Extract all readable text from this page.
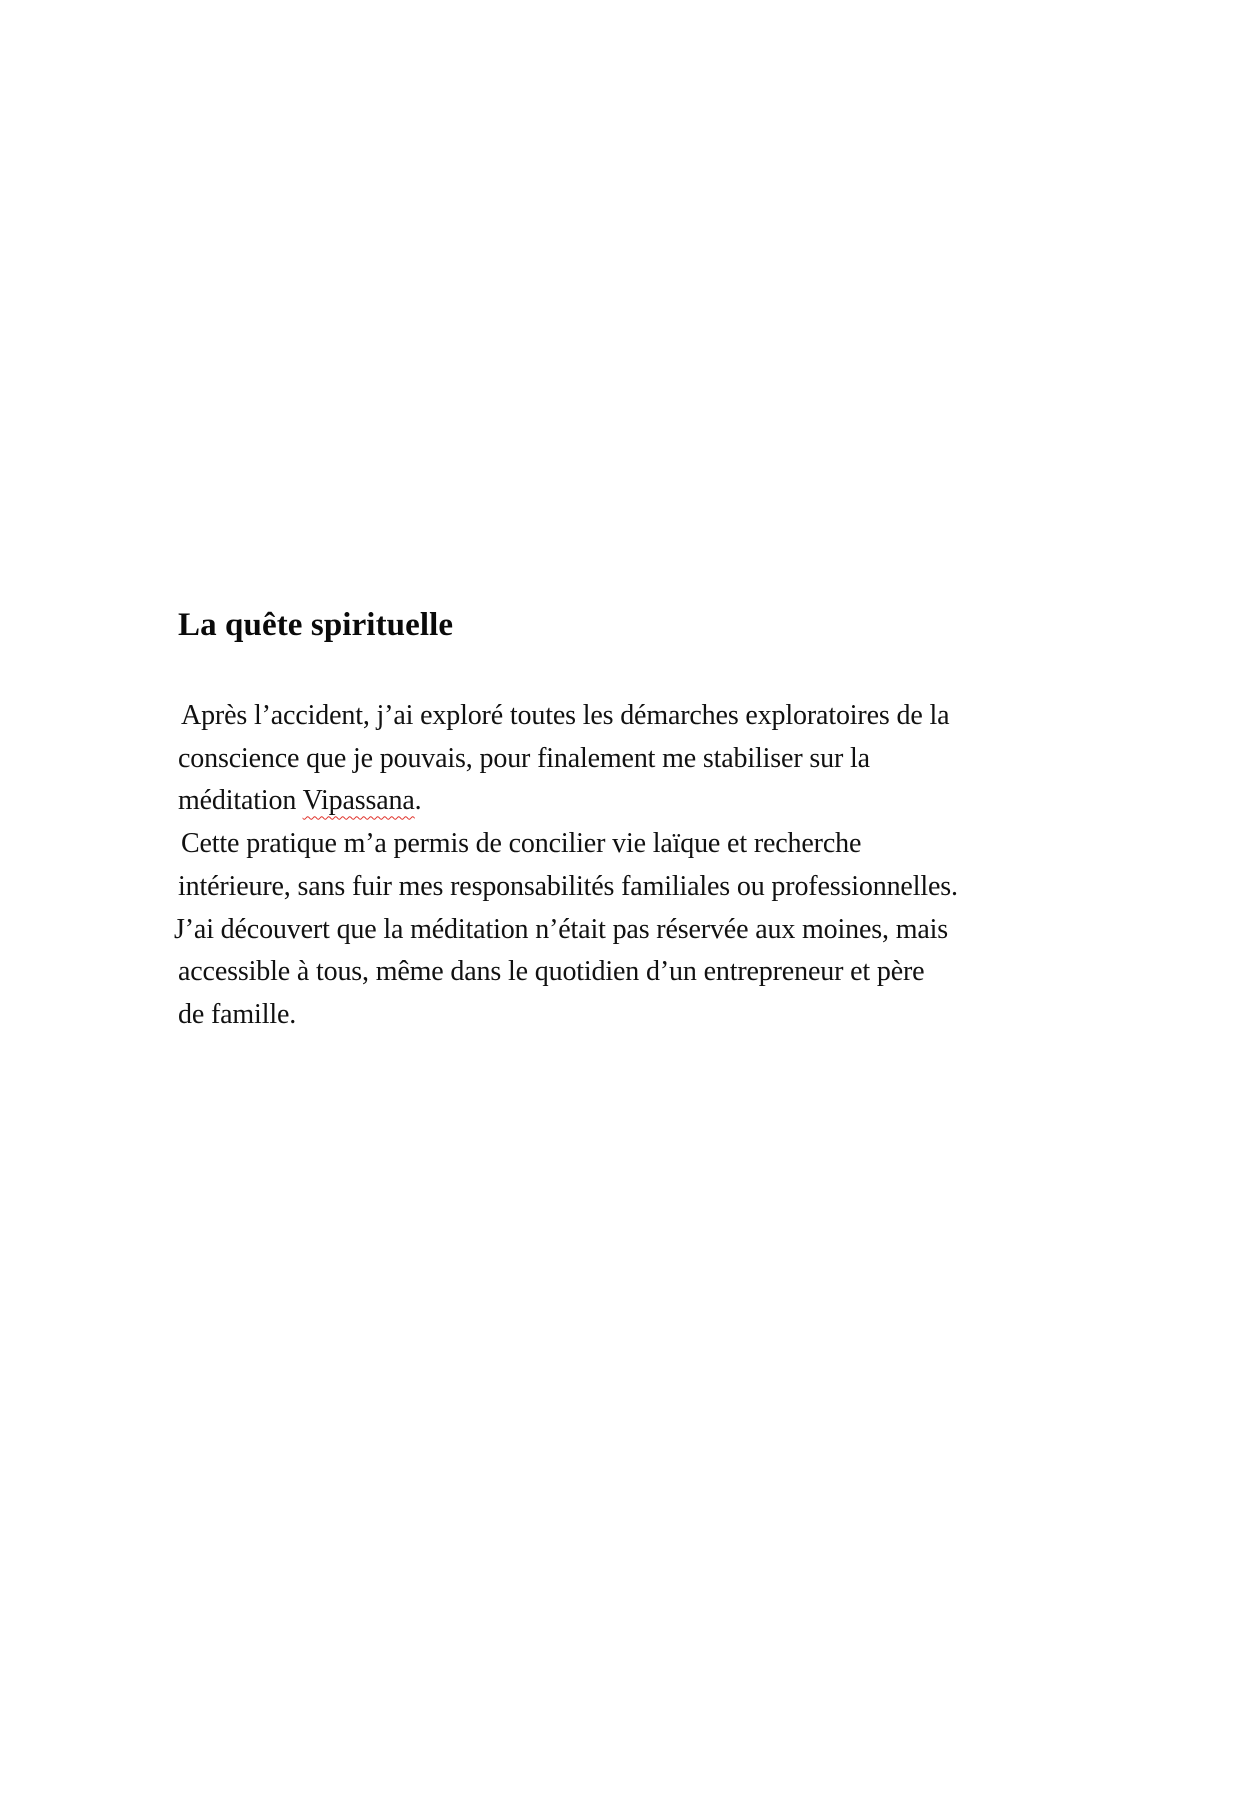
La quête spirituelle
Après l’accident, j’ai exploré toutes les démarches exploratoires de la
conscience que je pouvais, pour finalement me stabiliser sur la
méditation Vipassana.
Cette pratique m’a permis de concilier vie laïque et recherche
intérieure, sans fuir mes responsabilités familiales ou professionnelles.
J’ai découvert que la méditation n’était pas réservée aux moines, mais
accessible à tous, même dans le quotidien d’un entrepreneur et père
de famille.
